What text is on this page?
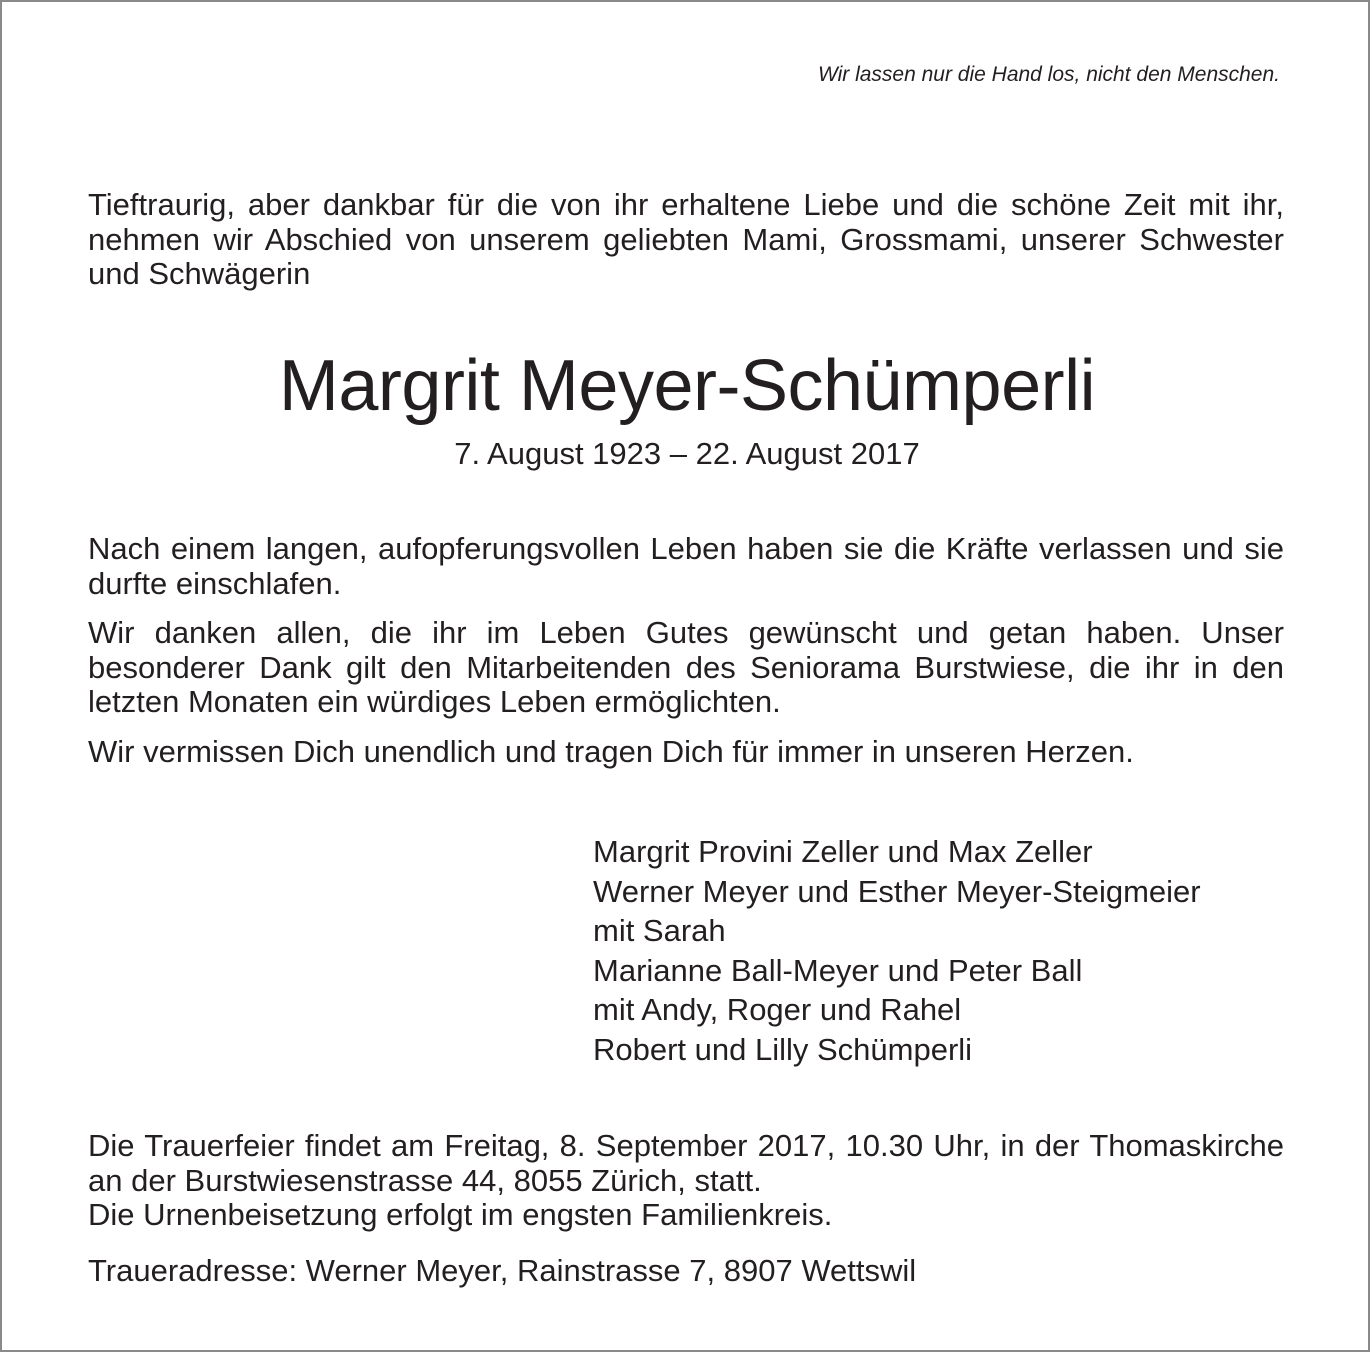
Wir lassen nur die Hand los, nicht den Menschen.

Tieftraurig, aber dankbar für die von ihr erhaltene Liebe und die schöne Zeit mit ihr, nehmen wir Abschied von unserem geliebten Mami, Grossmami, unserer Schwester und Schwägerin

Margrit Meyer-Schümperli
7. August 1923 – 22. August 2017

Nach einem langen, aufopferungsvollen Leben haben sie die Kräfte verlassen und sie durfte einschlafen.

Wir danken allen, die ihr im Leben Gutes gewünscht und getan haben. Unser besonderer Dank gilt den Mitarbeitenden des Seniorama Burstwiese, die ihr in den letzten Monaten ein würdiges Leben ermöglichten.

Wir vermissen Dich unendlich und tragen Dich für immer in unseren Herzen.

Margrit Provini Zeller und Max Zeller
Werner Meyer und Esther Meyer-Steigmeier
mit Sarah
Marianne Ball-Meyer und Peter Ball
mit Andy, Roger und Rahel
Robert und Lilly Schümperli

Die Trauerfeier findet am Freitag, 8. September 2017, 10.30 Uhr, in der Thomaskirche an der Burstwiesenstrasse 44, 8055 Zürich, statt.

Die Urnenbeisetzung erfolgt im engsten Familienkreis.

Traueradresse: Werner Meyer, Rainstrasse 7, 8907 Wettswil
